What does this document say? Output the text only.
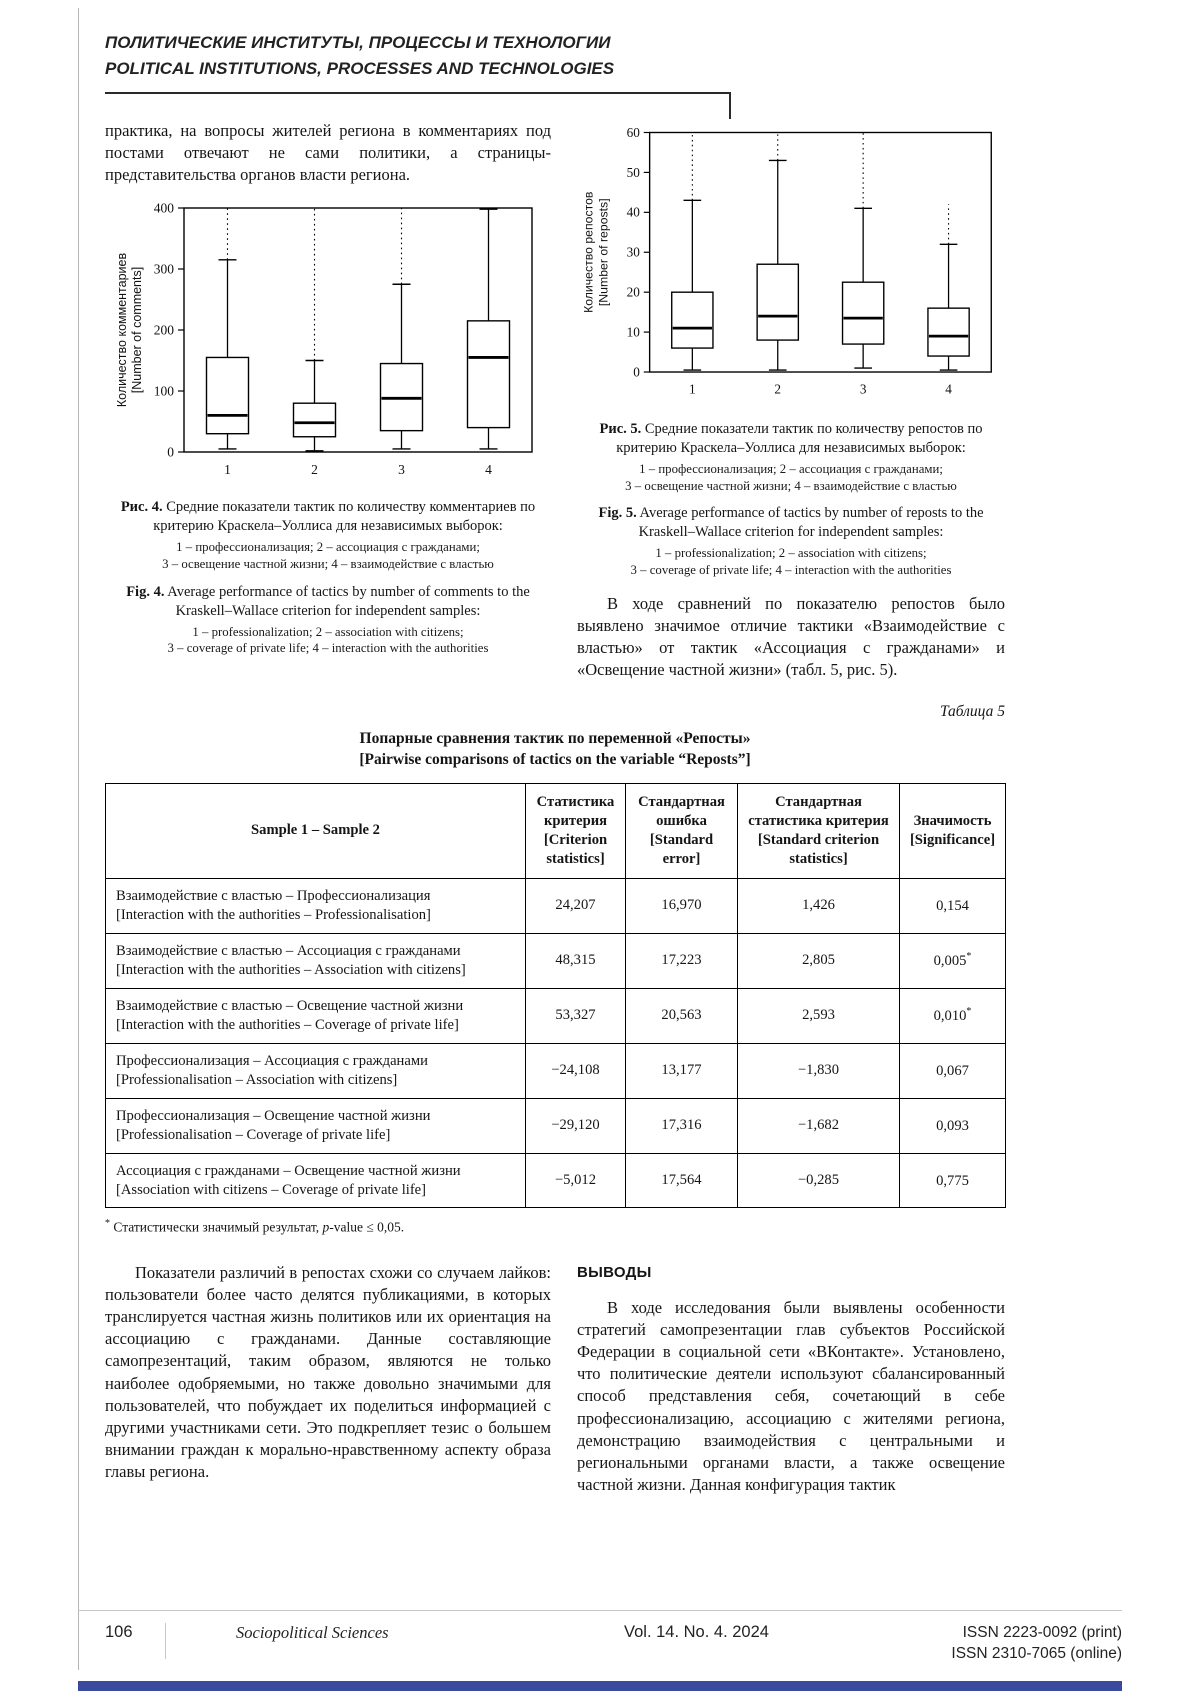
ПОЛИТИЧЕСКИЕ ИНСТИТУТЫ, ПРОЦЕССЫ И ТЕХНОЛОГИИ
POLITICAL INSTITUTIONS, PROCESSES AND TECHNOLOGIES

практика, на вопросы жителей региона в комментариях под постами отвечают не сами политики, а страницы-представительства органов власти региона.

0
100
200
300
400
1	2	3	4
Количество комментариев [Number of comments]
Рис. 4. Средние показатели тактик по количеству комментариев по критерию Краскела–Уоллиса для независимых выборок:
1 – профессионализация; 2 – ассоциация с гражданами;
3 – освещение частной жизни; 4 – взаимодействие с властью
Fig. 4. Average performance of tactics by number of comments to the Kraskell–Wallace criterion for independent samples:
1 – professionalization; 2 – association with citizens;
3 – coverage of private life; 4 – interaction with the authorities
0
10
20
30
40
50
60
1	2	3	4
Количество репостов [Number of reposts]
Рис. 5. Средние показатели тактик по количеству репостов по критерию Краскела–Уоллиса для независимых выборок:
1 – профессионализация; 2 – ассоциация с гражданами;
3 – освещение частной жизни; 4 – взаимодействие с властью
Fig. 5. Average performance of tactics by number of reposts to the Kraskell–Wallace criterion for independent samples:
1 – professionalization; 2 – association with citizens;
3 – coverage of private life; 4 – interaction with the authorities

В ходе сравнений по показателю репостов было выявлено значимое отличие тактики «Взаимодействие с властью» от тактик «Ассоциация с гражданами» и «Освещение частной жизни» (табл. 5, рис. 5).

Таблица 5
Попарные сравнения тактик по переменной «Репосты»
[Pairwise comparisons of tactics on the variable “Reposts”]
Sample 1 – Sample 2	Статистика критерия [Criterion statistics]	Стандартная ошибка [Standard error]	Стандартная статистика критерия [Standard criterion statistics]	Значимость [Significance]

Взаимодействие с властью – Профессионализация
[Interaction with the authorities – Professionalisation]	24,207	16,970	1,426	0,154

Взаимодействие с властью – Ассоциация с гражданами
[Interaction with the authorities – Association with citizens]	48,315	17,223	2,805	0,005*

Взаимодействие с властью – Освещение частной жизни
[Interaction with the authorities – Coverage of private life]	53,327	20,563	2,593	0,010*

Профессионализация – Ассоциация с гражданами
[Professionalisation – Association with citizens]	−24,108	13,177	−1,830	0,067

Профессионализация – Освещение частной жизни
[Professionalisation – Coverage of private life]	−29,120	17,316	−1,682	0,093

Ассоциация с гражданами – Освещение частной жизни
[Association with citizens – Coverage of private life]	−5,012	17,564	−0,285	0,775
* Статистически значимый результат, p-value ≤ 0,05.

Показатели различий в репостах схожи со случаем лайков: пользователи более часто делятся публикациями, в которых транслируется частная жизнь политиков или их ориентация на ассоциацию с гражданами. Данные составляющие самопрезентаций, таким образом, являются не только наиболее одобряемыми, но также довольно значимыми для пользователей, что побуждает их поделиться информацией с другими участниками сети. Это подкрепляет тезис о большем внимании граждан к морально-нравственному аспекту образа главы региона.

ВЫВОДЫ

В ходе исследования были выявлены особенности стратегий самопрезентации глав субъектов Российской Федерации в социальной сети «ВКонтакте». Установлено, что политические деятели используют сбалансированный способ представления себя, сочетающий в себе профессионализацию, ассоциацию с жителями региона, демонстрацию взаимодействия с центральными и региональными органами власти, а также освещение частной жизни. Данная конфигурация тактик

106	Sociopolitical Sciences	Vol. 14. No. 4. 2024	ISSN 2223-0092 (print)
ISSN 2310-7065 (online)
